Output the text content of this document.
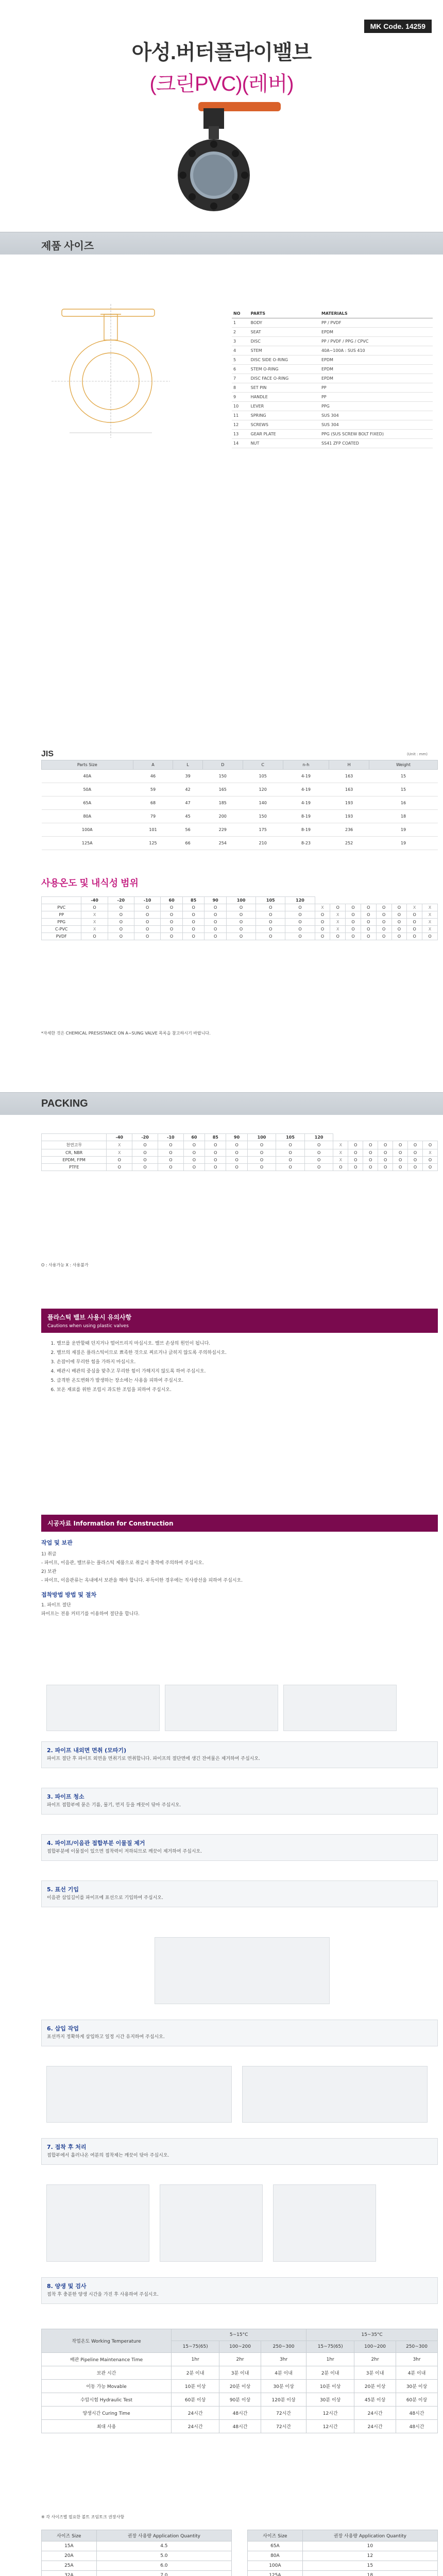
MK Code. 14259
아성.버터플라이밸브
(크린PVC)(레버)
제품 사이즈
NO	PARTS	MATERIALS
1	BODY	PP / PVDF
2	SEAT	EPDM
3	DISC	PP / PVDF / PPG / CPVC
4	STEM	40A~100A : SUS 410
5	DISC SIDE O-RING	EPDM
6	STEM O-RING	EPDM
7	DISC FACE O-RING	EPDM
8	SET PIN	PP
9	HANDLE	PP
10	LEVER	PPG
11	SPRING	SUS 304
12	SCREWS	SUS 304
13	GEAR PLATE	PPG (SUS SCREW BOLT FIXED)
14	NUT	SS41 ZFP COATED
JIS	(Unit : mm)
Parts Size	A	L	D	C	n-h	H	Weight
40A	46	39	150	105	4-19	163	15
50A	59	42	165	120	4-19	163	15
65A	68	47	185	140	4-19	193	16
80A	79	45	200	150	8-19	193	18
100A	101	56	229	175	8-19	236	19
125A	125	66	254	210	8-23	252	19
사용온도 및 내식성 범위
	-40	-20	-10	60	85	90	100	105	120								
PVC	O	O	O	O	O	O	O	O	O	X	O	O	O	O	O	X	X
PP	X	O	O	O	O	O	O	O	O	O	X	O	O	O	O	O	X
PPG	X	O	O	O	O	O	O	O	O	O	X	O	O	O	O	O	X
C-PVC	X	O	O	O	O	O	O	O	O	O	X	O	O	O	O	O	X
PVDF	O	O	O	O	O	O	O	O	O	O	O	O	O	O	O	O	O
*자세한 것은 CHEMICAL PRESISTANCE ON A~SUNG VALVE 목록을 참고하시기 바랍니다.
PACKING
	-40	-20	-10	60	85	90	100	105	120							
천연고무	X	O	O	O	O	O	O	O	O	X	O	O	O	O	O	O
CR, NBR	X	O	O	O	O	O	O	O	O	X	O	O	O	O	O	X
EPDM, FPM	O	O	O	O	O	O	O	O	O	X	O	O	O	O	O	O
PTFE	O	O	O	O	O	O	O	O	O	O	O	O	O	O	O	O
O : 사용가능 X : 사용불가
플라스틱 밸브 사용시 유의사항
Cautions when using plastic valves
1. 밸브를 운반할때 던지거나 떨어뜨리지 마십시오. 밸브 손상의 원인이 됩니다.
2. 밸브의 재질은 플라스틱이므로 뾰족한 것으로 찌르거나 긁히지 않도록 주의하십시오.
3. 손잡이에 무리한 힘을 가하지 마십시오.
4. 배관시 배관의 중심을 맞추고 무리한 힘이 가해지지 않도록 하여 주십시오.
5. 급격한 온도변화가 발생하는 장소에는 사용을 피하여 주십시오.
6. 보온 재료를 위한 조립시 과도한 조임을 피하여 주십시오.
시공자료 Information for Construction
작업 및 보관
1) 취급
- 파이프, 이음관, 밸브류는 플라스틱 제품으로 취급시 충격에 주의하여 주십시오.
2) 보관
- 파이프, 이음관류는 옥내에서 보관을 해야 합니다. 부득이한 경우에는 직사광선을 피하여 주십시오.
접착방법 방법 및 절차
1. 파이프 절단
파이프는 전용 커터기를 이용하여 절단을 합니다.
2. 파이프 내외면 면취 (모따기)
파이프 절단 후 파이프 외면을 면취기로 면취합니다. 파이프의 절단면에 생긴 잔여물은 제거하여 주십시오.
3. 파이프 청소
파이프 접합부에 묻은 기름, 물기, 먼지 등을 깨끗이 닦아 주십시오.
4. 파이프/이음관 접합부분 이물질 제거
접합부분에 이물질이 있으면 접착력이 저하되므로 깨끗이 제거하여 주십시오.
5. 표선 기입
이음관 삽입길이를 파이프에 표선으로 기입하여 주십시오.
6. 삽입 작업
표선까지 정확하게 삽입하고 일정 시간 유지하여 주십시오.
7. 접착 후 처리
접합부에서 흘러나온 여분의 접착제는 깨끗이 닦아 주십시오.
8. 양생 및 검사
접착 후 충분한 양생 시간을 가진 후 사용하여 주십시오.
작업온도 Working Temperature	5~15°C			15~35°C		
	15~75(65)	100~200	250~300	15~75(65)	100~200	250~300
배관 Pipeline Maintenance Time	1hr	2hr	3hr	1hr	2hr	3hr
보관 시간	2분 이내	3분 이내	4분 이내	2분 이내	3분 이내	4분 이내
이동 가능 Movable	10분 이상	20분 이상	30분 이상	10분 이상	20분 이상	30분 이상
수압시험 Hydraulic Test	60분 이상	90분 이상	120분 이상	30분 이상	45분 이상	60분 이상
양생시간 Curing Time	24시간	48시간	72시간	12시간	24시간	48시간
최대 사용	24시간	48시간	72시간	12시간	24시간	48시간
※ 각 사이즈별 필요한 볼트 조임토크 권장사항
사이즈 Size	권장 사용량 Application Quantity
15A	4.5
20A	5.0
25A	6.0
32A	7.0

사이즈 Size	권장 사용량 Application Quantity
65A	10
80A	12
100A	15
125A	18
